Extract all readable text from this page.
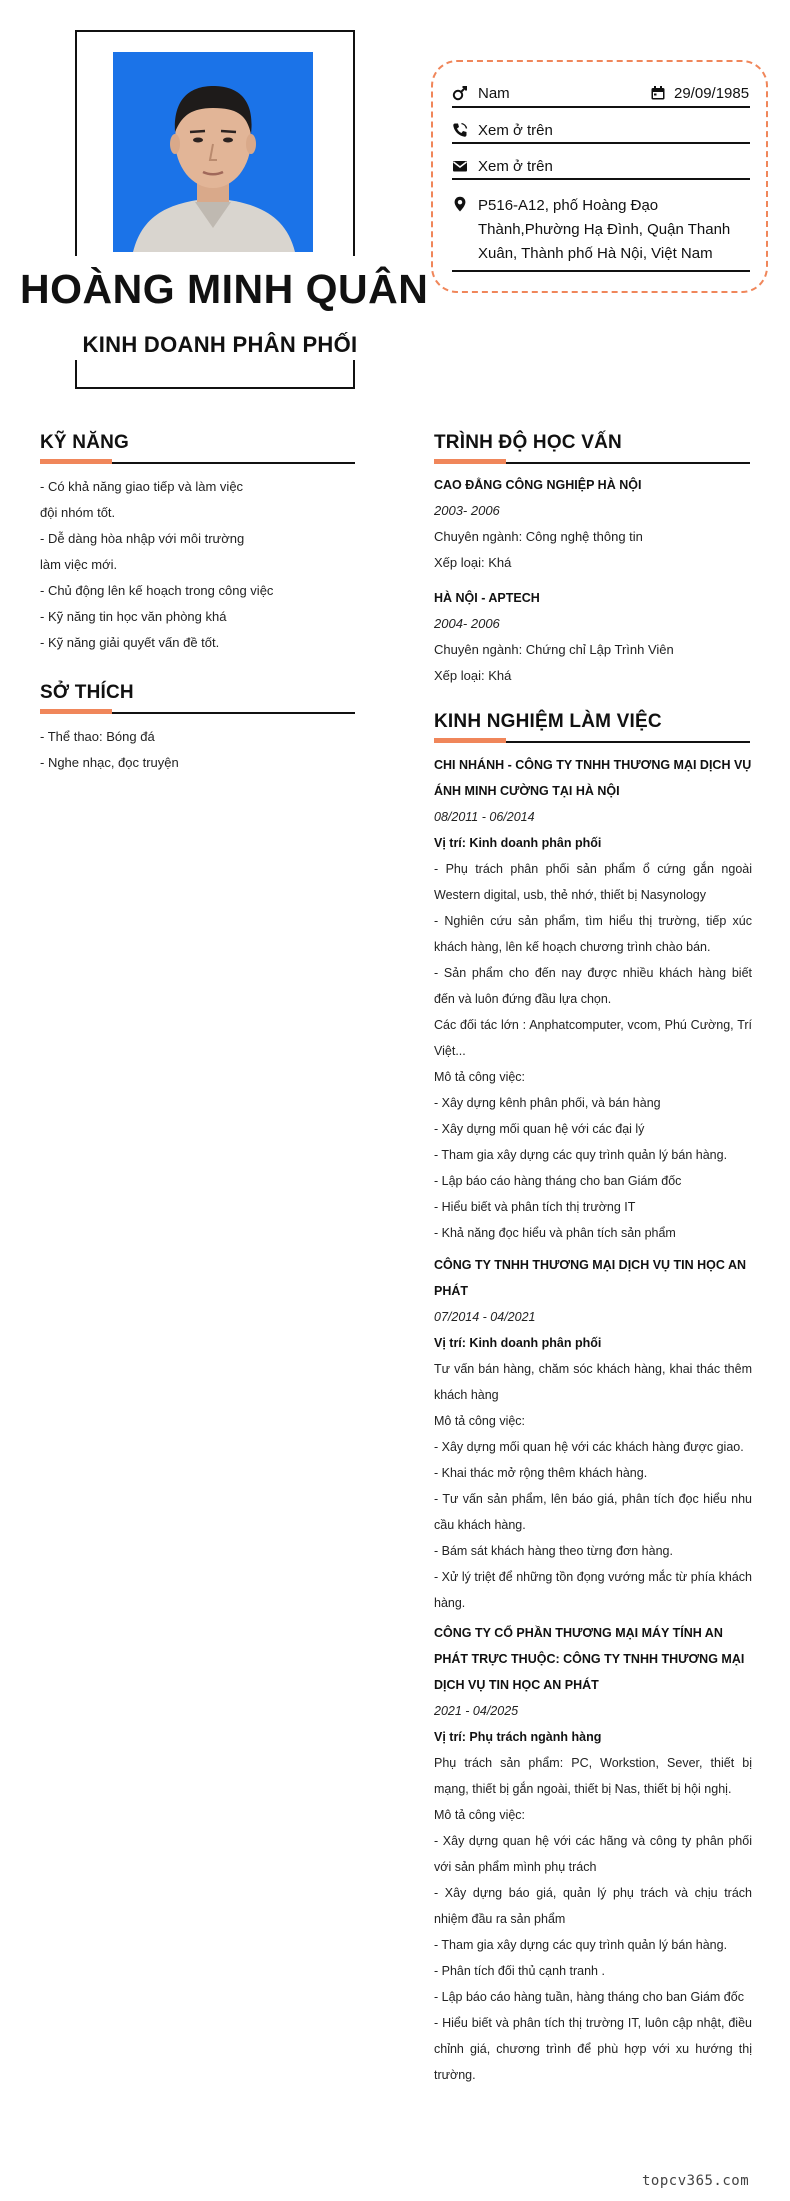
HOÀNG MINH QUÂN
KINH DOANH PHÂN PHỐI
Nam	29/09/1985
Xem ở trên
Xem ở trên
P516-A12, phố Hoàng Đạo Thành,Phường Hạ Đình, Quận Thanh Xuân, Thành phố Hà Nội, Việt Nam
KỸ NĂNG
- Có khả năng giao tiếp và làm việc
đội nhóm tốt.
- Dễ dàng hòa nhập với môi trường
làm việc mới.
- Chủ động lên kế hoạch trong công việc
- Kỹ năng tin học văn phòng khá
- Kỹ năng giải quyết vấn đề tốt.
SỞ THÍCH
- Thể thao: Bóng đá
- Nghe nhạc, đọc truyện
TRÌNH ĐỘ HỌC VẤN
CAO ĐẲNG CÔNG NGHIỆP HÀ NỘI
2003- 2006
Chuyên ngành: Công nghệ thông tin
Xếp loại: Khá
HÀ NỘI - APTECH
2004- 2006
Chuyên ngành: Chứng chỉ Lập Trình Viên
Xếp loại: Khá
KINH NGHIỆM LÀM VIỆC
CHI NHÁNH - CÔNG TY TNHH THƯƠNG MẠI DỊCH VỤ ÁNH MINH CƯỜNG TẠI HÀ NỘI
08/2011 - 06/2014
Vị trí: Kinh doanh phân phối
- Phụ trách phân phối sản phẩm ổ cứng gắn ngoài Western digital, usb, thẻ nhớ, thiết bị Nasynology
- Nghiên cứu sản phẩm, tìm hiểu thị trường, tiếp xúc khách hàng, lên kế hoạch chương trình chào bán.
- Sản phẩm cho đến nay được nhiều khách hàng biết đến và luôn đứng đầu lựa chọn.
Các đối tác lớn : Anphatcomputer, vcom, Phú Cường, Trí Việt...
Mô tả công việc:
- Xây dựng kênh phân phối, và bán hàng
- Xây dựng mối quan hệ với các đại lý
- Tham gia xây dựng các quy trình quản lý bán hàng.
- Lập báo cáo hàng tháng cho ban Giám đốc
- Hiểu biết và phân tích thị trường IT
- Khả năng đọc hiểu và phân tích sản phẩm
CÔNG TY TNHH THƯƠNG MẠI DỊCH VỤ TIN HỌC AN PHÁT
07/2014 - 04/2021
Vị trí: Kinh doanh phân phối
Tư vấn bán hàng, chăm sóc khách hàng, khai thác thêm khách hàng
Mô tả công việc:
- Xây dựng mối quan hệ với các khách hàng được giao.
- Khai thác mở rộng thêm khách hàng.
- Tư vấn sản phẩm, lên báo giá, phân tích đọc hiểu nhu cầu khách hàng.
- Bám sát khách hàng theo từng đơn hàng.
- Xử lý triệt để những tồn đọng vướng mắc từ phía khách hàng.
CÔNG TY CỔ PHẦN THƯƠNG MẠI MÁY TÍNH AN PHÁT TRỰC THUỘC: CÔNG TY TNHH THƯƠNG MẠI DỊCH VỤ TIN HỌC AN PHÁT
2021 - 04/2025
Vị trí: Phụ trách ngành hàng
Phụ trách sản phẩm: PC, Workstion, Sever, thiết bị mạng, thiết bị gắn ngoài, thiết bị Nas, thiết bị hội nghị.
Mô tả công việc:
- Xây dựng quan hệ với các hãng và công ty phân phối với sản phẩm mình phụ trách
- Xây dựng báo giá, quản lý phụ trách và chịu trách nhiệm đầu ra sản phẩm
- Tham gia xây dựng các quy trình quản lý bán hàng.
- Phân tích đối thủ cạnh tranh .
- Lập báo cáo hàng tuần, hàng tháng cho ban Giám đốc
- Hiểu biết và phân tích thị trường IT, luôn cập nhật, điều chỉnh giá, chương trình để phù hợp với xu hướng thị trường.
topcv365.com
